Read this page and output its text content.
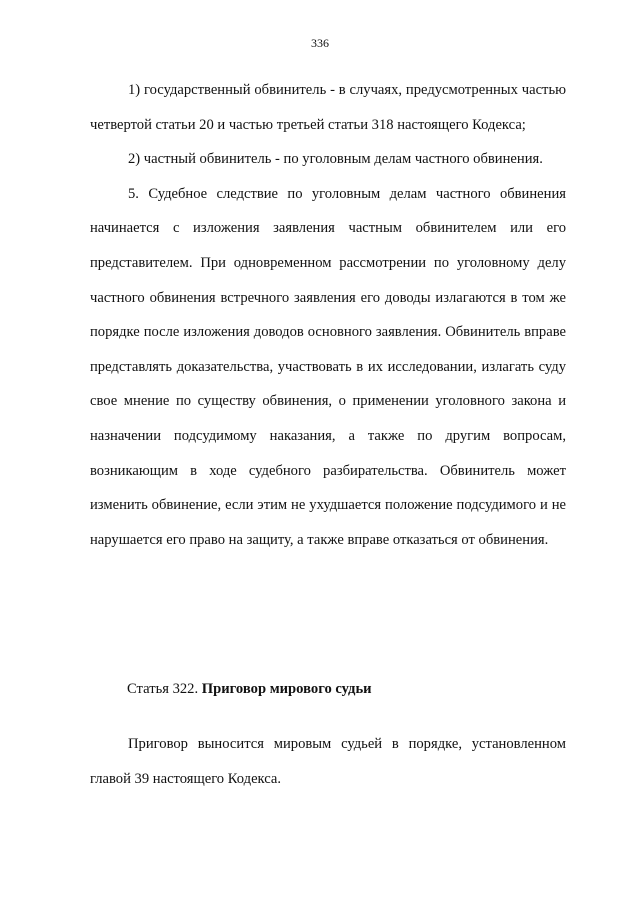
336

1) государственный обвинитель - в случаях, предусмотренных частью четвертой статьи 20 и частью третьей статьи 318 настоящего Кодекса;

2) частный обвинитель - по уголовным делам частного обвинения.

5. Судебное следствие по уголовным делам частного обвинения начинается с изложения заявления частным обвинителем или его представителем. При одновременном рассмотрении по уголовному делу частного обвинения встречного заявления его доводы излагаются в том же порядке после изложения доводов основного заявления. Обвинитель вправе представлять доказательства, участвовать в их исследовании, излагать суду свое мнение по существу обвинения, о применении уголовного закона и назначении подсудимому наказания, а также по другим вопросам, возникающим в ходе судебного разбирательства. Обвинитель может изменить обвинение, если этим не ухудшается положение подсудимого и не нарушается его право на защиту, а также вправе отказаться от обвинения.

Статья 322. Приговор мирового судьи

Приговор выносится мировым судьей в порядке, установленном главой 39 настоящего Кодекса.
